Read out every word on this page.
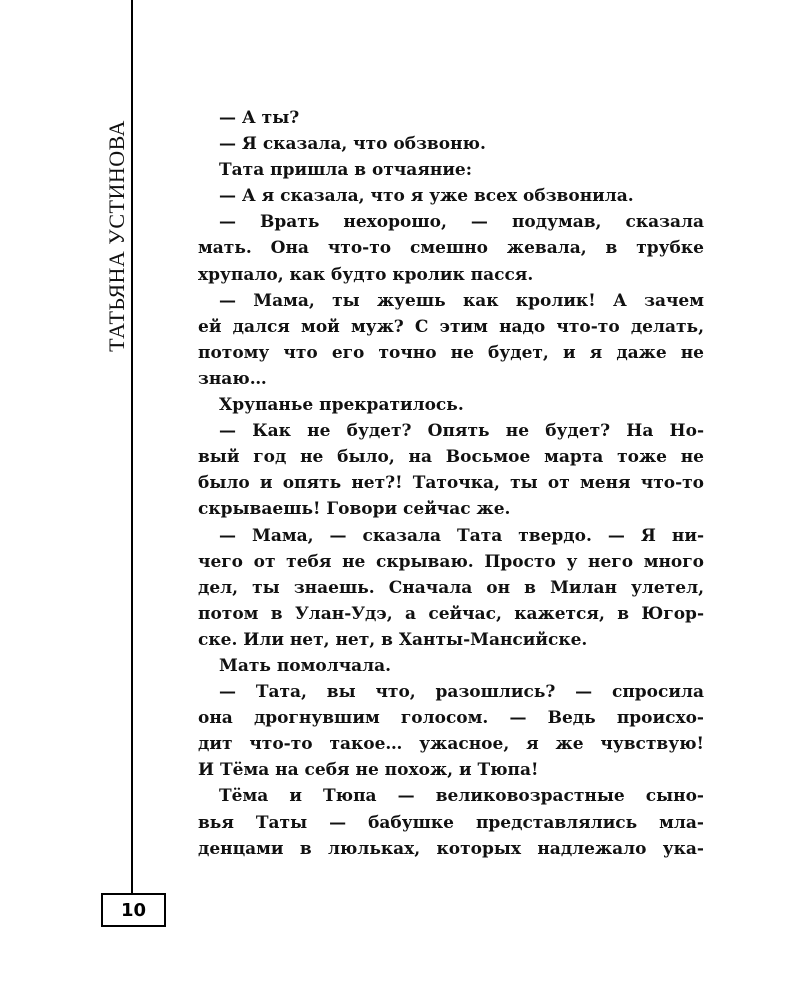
ТАТЬЯНА УСТИНОВА
10
— А ты?
— Я сказала, что обзвоню.
Тата пришла в отчаяние:
— А я сказала, что я уже всех обзвонила.
— Врать нехорошо, — подумав, сказала
мать. Она что-то смешно жевала, в трубке
хрупало, как будто кролик пасся.
— Мама, ты жуешь как кролик! А зачем
ей дался мой муж? С этим надо что-то делать,
потому что его точно не будет, и я даже не
знаю…
Хрупанье прекратилось.
— Как не будет? Опять не будет? На Но-
вый год не было, на Восьмое марта тоже не
было и опять нет?! Таточка, ты от меня что-то
скрываешь! Говори сейчас же.
— Мама, — сказала Тата твердо. — Я ни-
чего от тебя не скрываю. Просто у него много
дел, ты знаешь. Сначала он в Милан улетел,
потом в Улан-Удэ, а сейчас, кажется, в Югор-
ске. Или нет, нет, в Ханты-Мансийске.
Мать помолчала.
— Тата, вы что, разошлись? — спросила
она дрогнувшим голосом. — Ведь происхо-
дит что-то такое… ужасное, я же чувствую!
И Тёма на себя не похож, и Тюпа!
Тёма и Тюпа — великовозрастные сыно-
вья Таты — бабушке представлялись мла-
денцами в люльках, которых надлежало ука-
